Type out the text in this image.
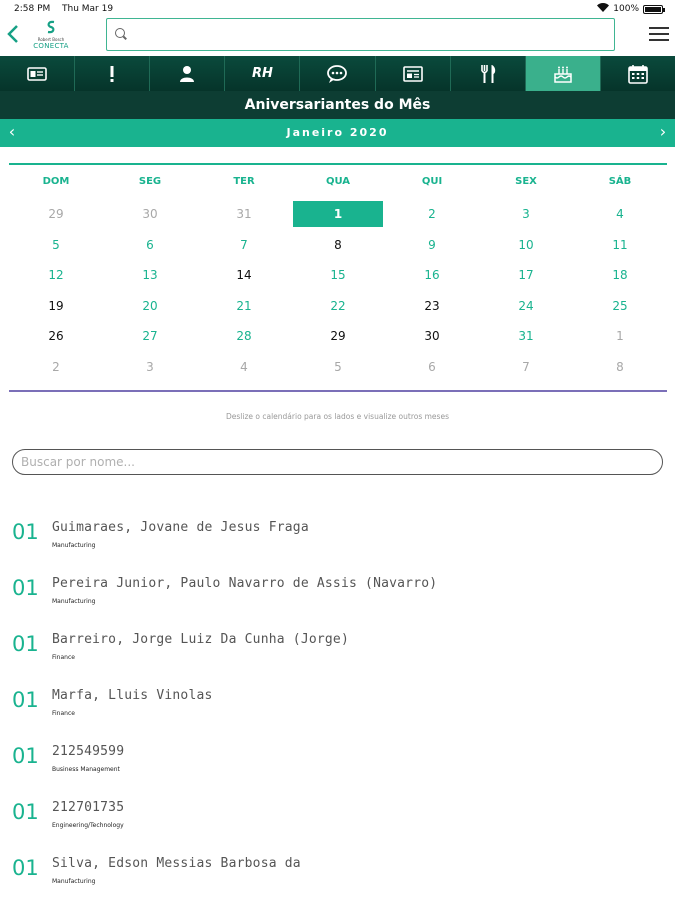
2:58 PM Thu Mar 19	100%
Robert Bosch
CONECTA
RH
Aniversariantes do Mês
‹	Janeiro 2020	›
DOM	SEG	TER	QUA	QUI	SEX	SÁB
29	30	31	1	2	3	4
5	6	7	8	9	10	11
12	13	14	15	16	17	18
19	20	21	22	23	24	25
26	27	28	29	30	31	1
2	3	4	5	6	7	8
Deslize o calendário para os lados e visualize outros meses
Buscar por nome...
01 Guimaraes, Jovane de Jesus Fraga
Manufacturing
01 Pereira Junior, Paulo Navarro de Assis (Navarro)
Manufacturing
01 Barreiro, Jorge Luiz Da Cunha (Jorge)
Finance
01 Marfa, Lluis Vinolas
Finance
01 212549599
Business Management
01 212701735
Engineering/Technology
01 Silva, Edson Messias Barbosa da
Manufacturing
